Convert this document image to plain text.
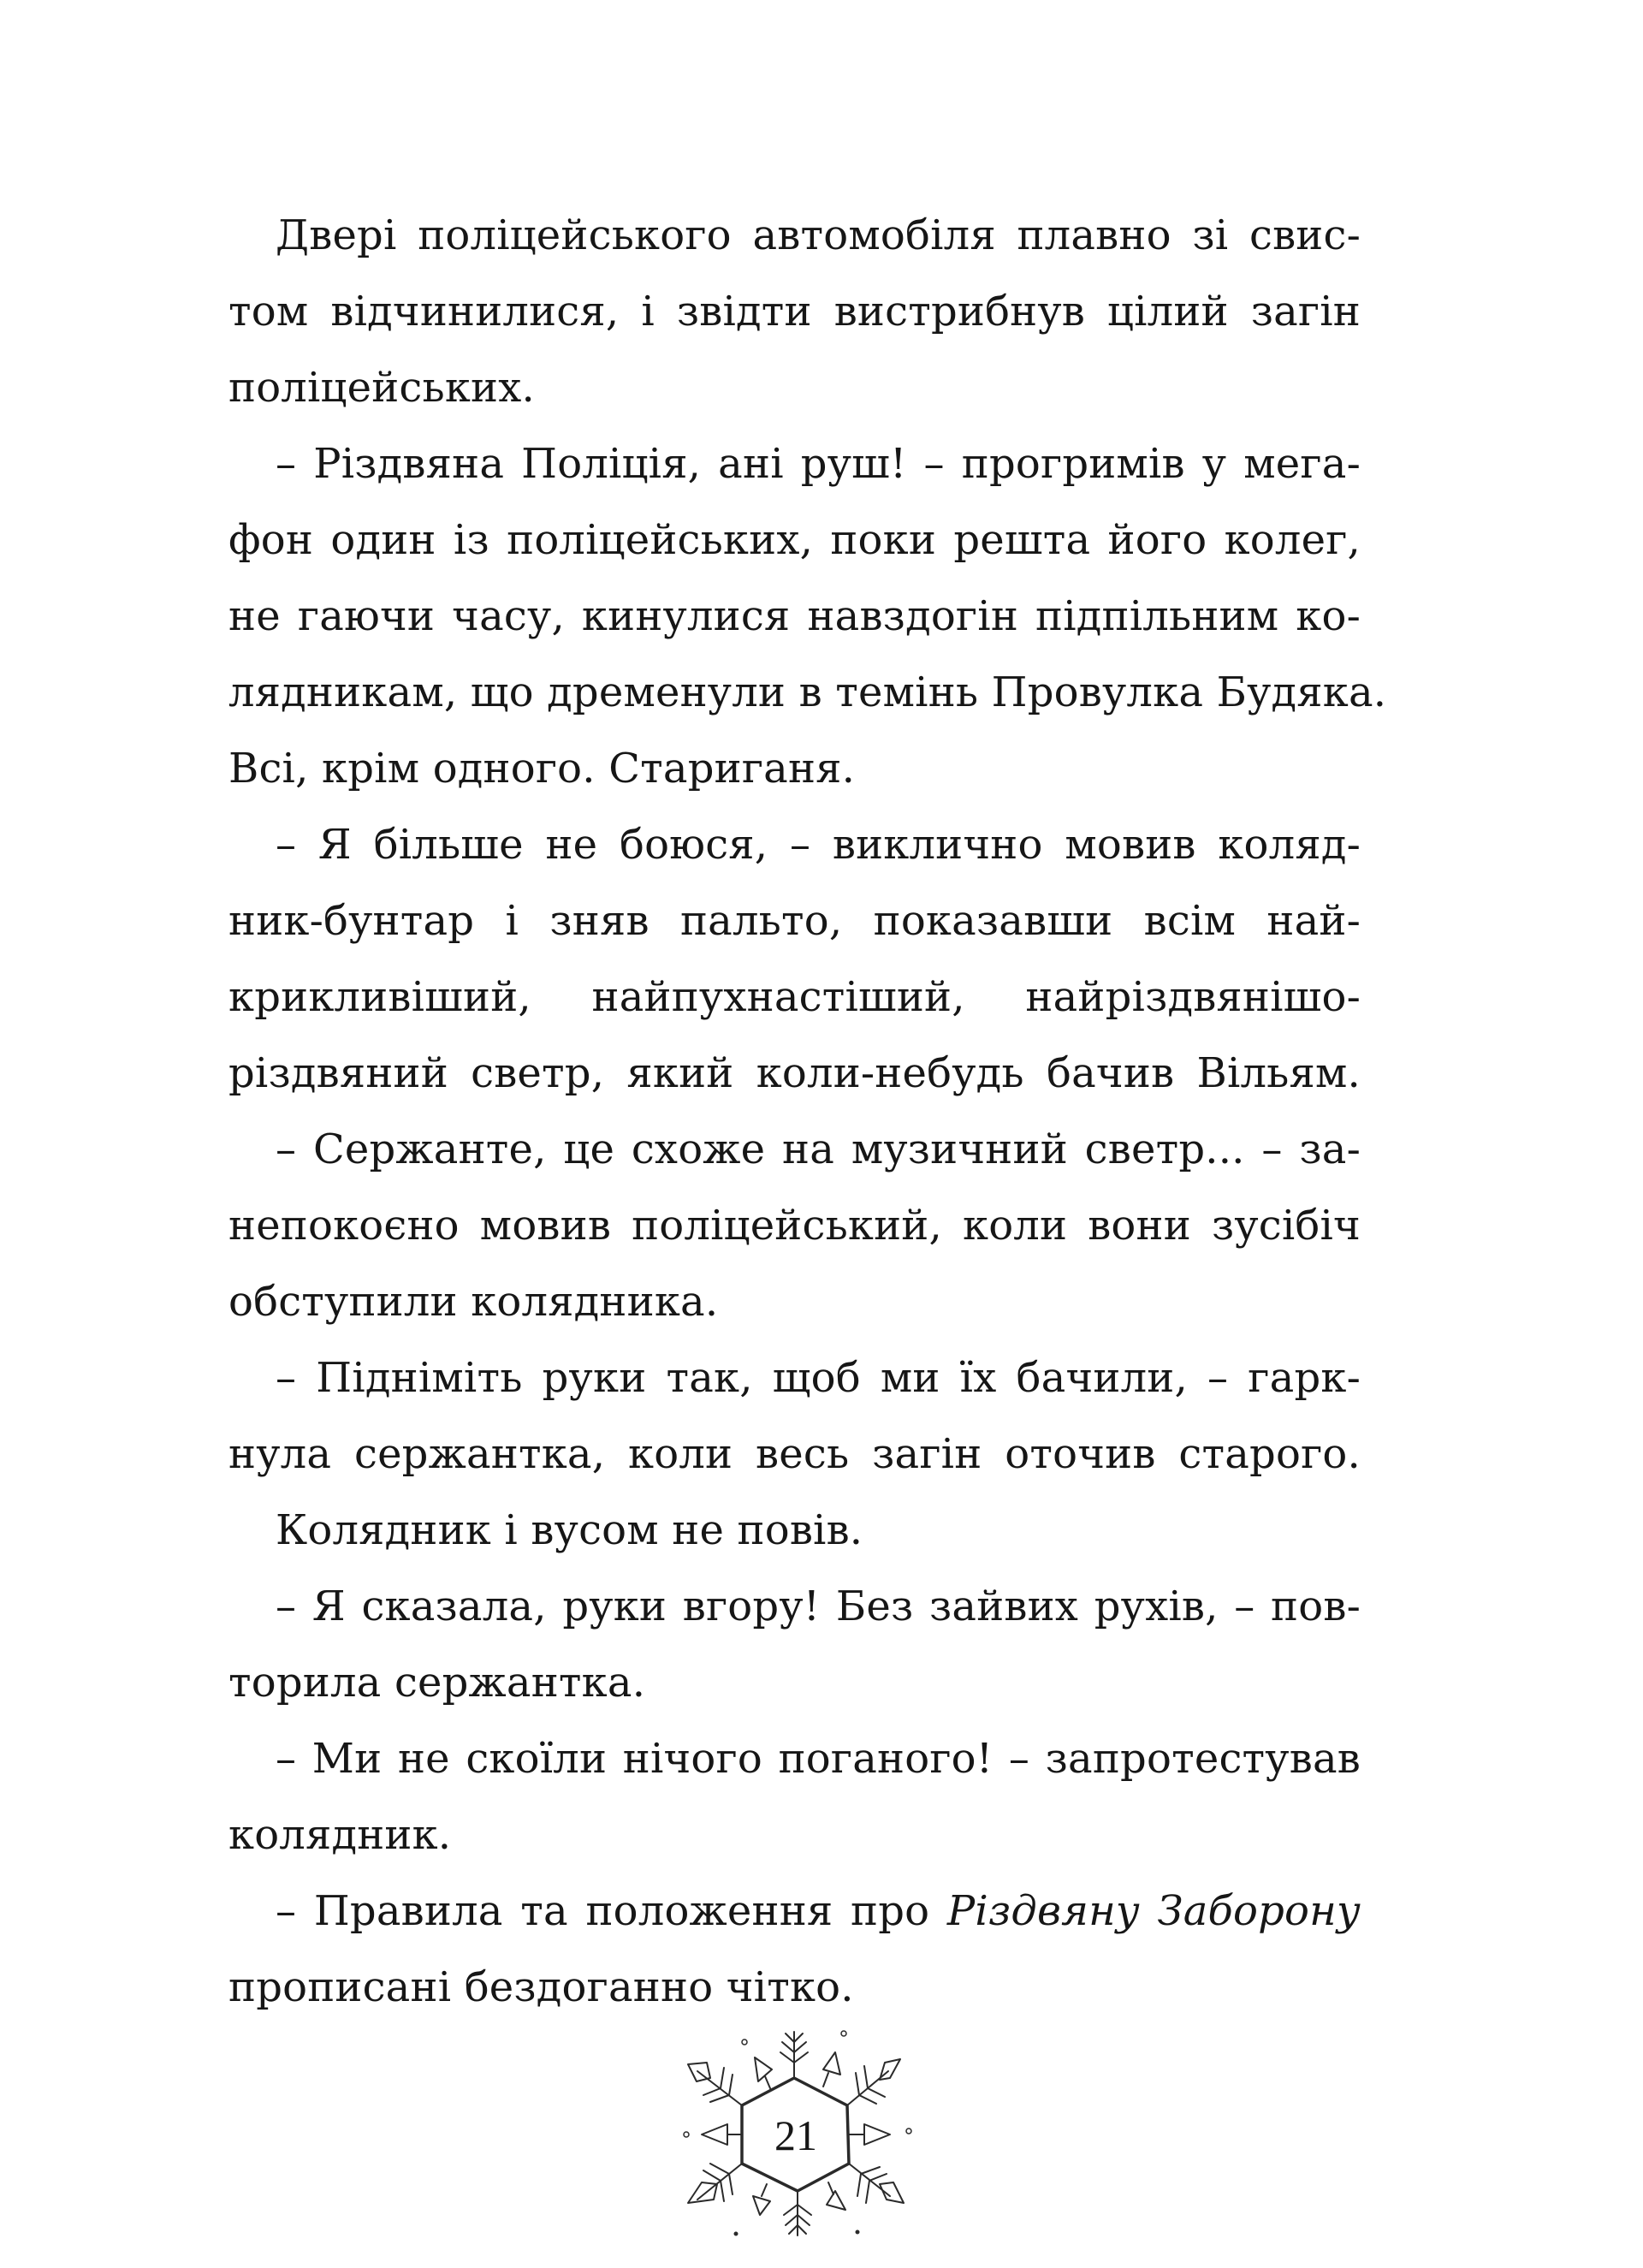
Двері поліцейського автомобіля плавно зі свис-
том відчинилися, і звідти вистрибнув цілий загін
поліцейських.
– Різдвяна Поліція, ані руш! – прогримів у мега-
фон один із поліцейських, поки решта його колег,
не гаючи часу, кинулися навздогін підпільним ко-
лядникам, що дременули в темінь Провулка Будяка.
Всі, крім одного. Стариганя.
– Я більше не боюся, – виклично мовив коляд-
ник-бунтар і зняв пальто, показавши всім най-
крикливіший, найпухнастіший, найріздвянішо-
різдвяний светр, який коли-небудь бачив Вільям.
– Сержанте, це схоже на музичний светр... – за-
непокоєно мовив поліцейський, коли вони зусібіч
обступили колядника.
– Підніміть руки так, щоб ми їх бачили, – гарк-
нула сержантка, коли весь загін оточив старого.
Колядник і вусом не повів.
– Я сказала, руки вгору! Без зайвих рухів, – пов-
торила сержантка.
– Ми не скоїли нічого поганого! – запротестував
колядник.
– Правила та положення про Різдвяну Заборону
прописані бездоганно чітко.
21
